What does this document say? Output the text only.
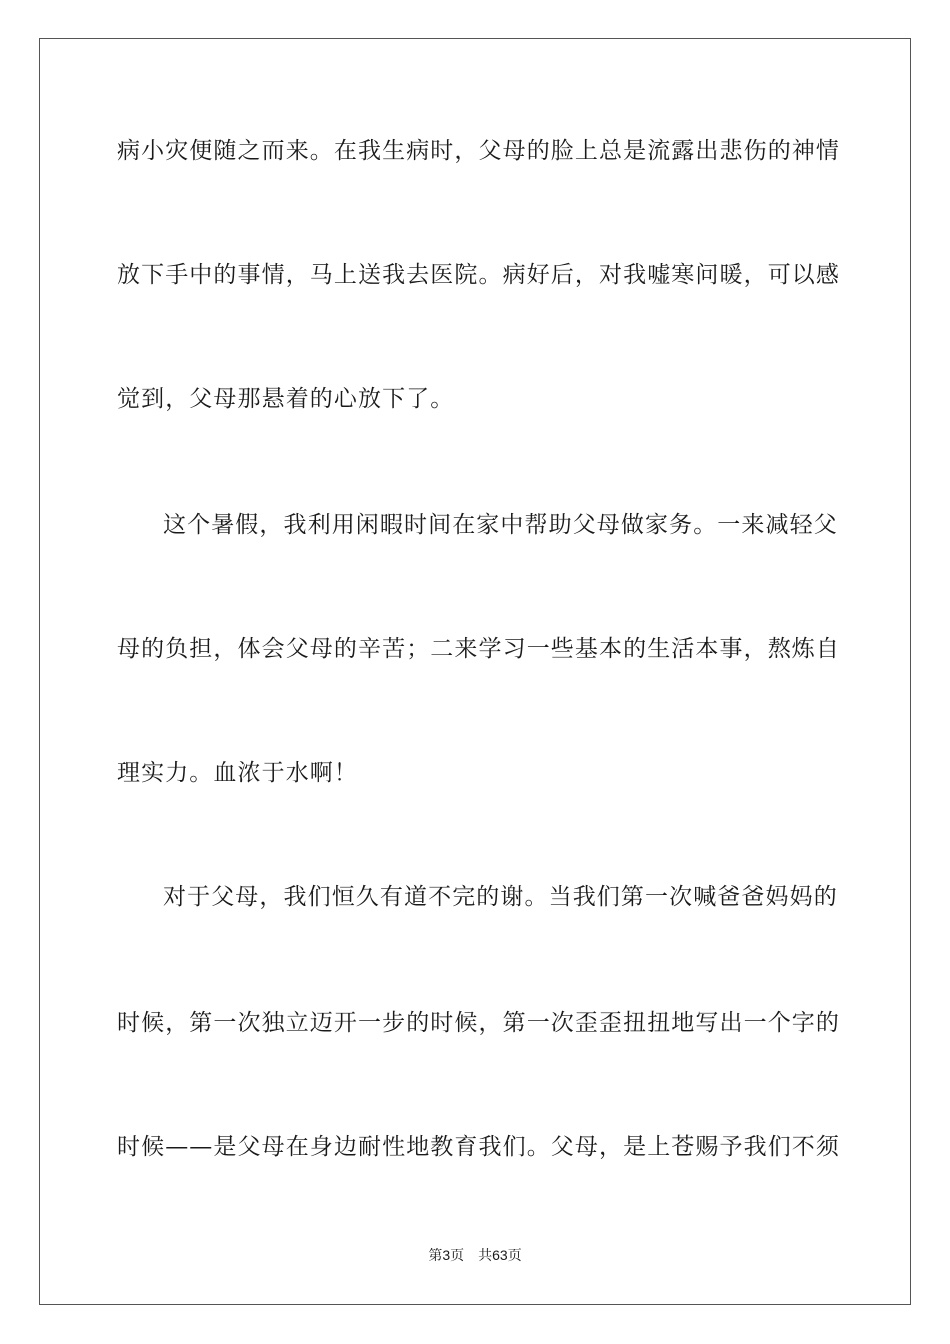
病小灾便随之而来。在我生病时，父母的脸上总是流露出悲伤的神情
放下手中的事情，马上送我去医院。病好后，对我嘘寒问暖，可以感
觉到，父母那悬着的心放下了。
这个暑假，我利用闲暇时间在家中帮助父母做家务。一来减轻父
母的负担，体会父母的辛苦；二来学习一些基本的生活本事，熬炼自
理实力。血浓于水啊！
对于父母，我们恒久有道不完的谢。当我们第一次喊爸爸妈妈的
时候，第一次独立迈开一步的时候，第一次歪歪扭扭地写出一个字的
时候——是父母在身边耐性地教育我们。父母，是上苍赐予我们不须
第3页 共63页
